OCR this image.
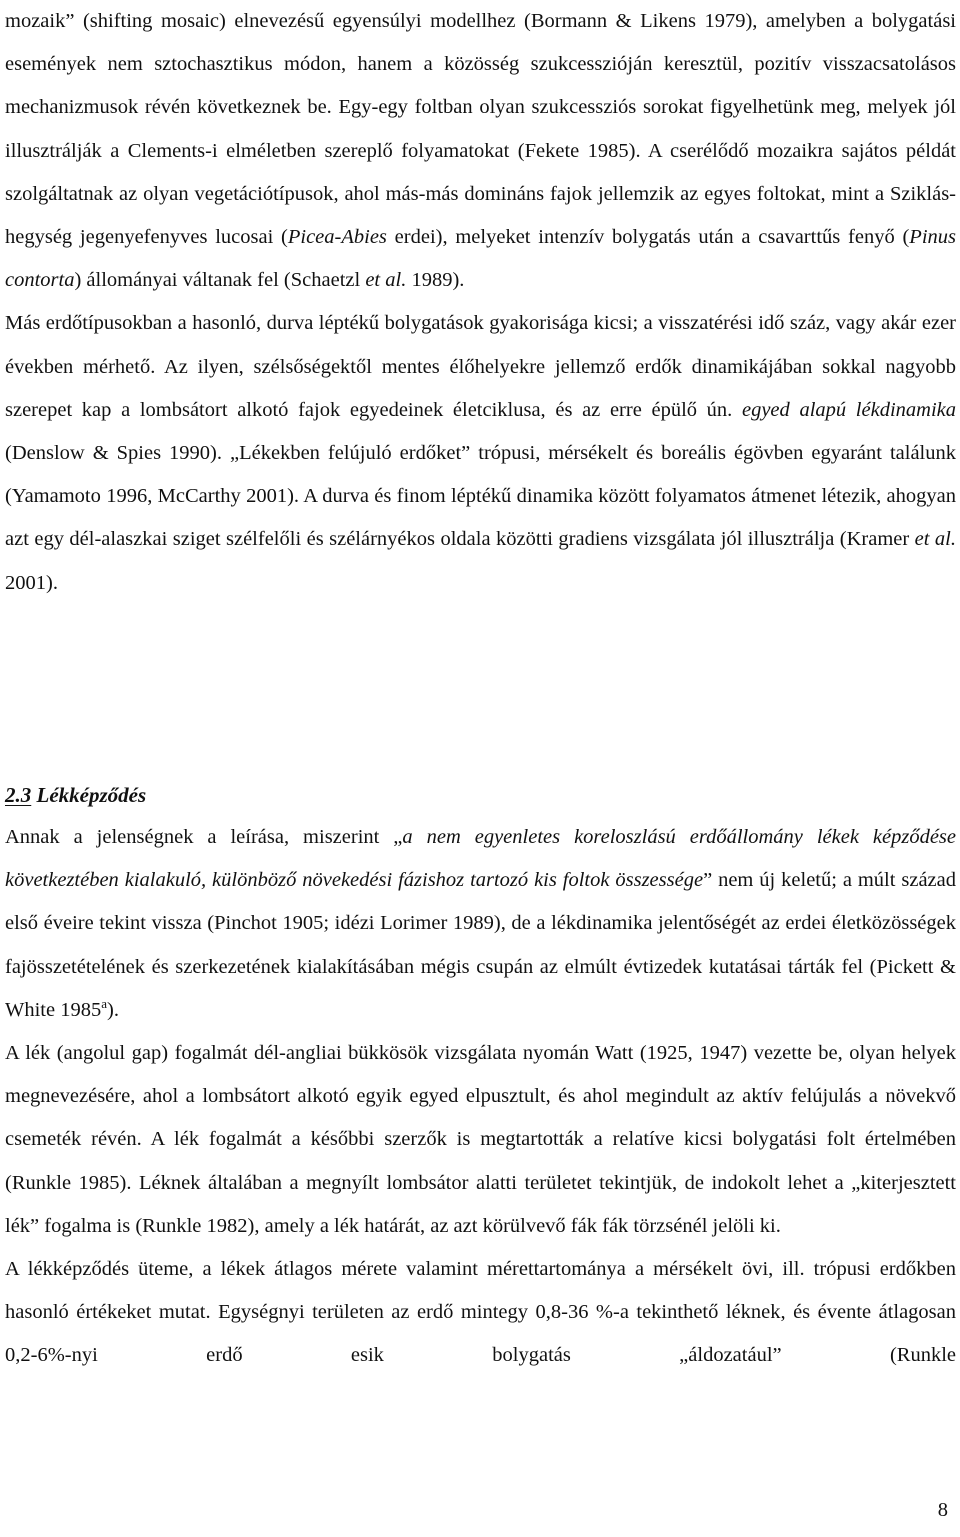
mozaik” (shifting mosaic) elnevezésű egyensúlyi modellhez (Bormann & Likens 1979), amelyben a bolygatási események nem sztochasztikus módon, hanem a közösség szukcesszióján keresztül, pozitív visszacsatolásos mechanizmusok révén következnek be. Egy-egy foltban olyan szukcessziós sorokat figyelhetünk meg, melyek jól illusztrálják a Clements-i elméletben szereplő folyamatokat (Fekete 1985). A cserélődő mozaikra sajátos példát szolgáltatnak az olyan vegetációtípusok, ahol más-más domináns fajok jellemzik az egyes foltokat, mint a Sziklás-hegység jegenyefenyves lucosai (Picea-Abies erdei), melyeket intenzív bolygatás után a csavarttűs fenyő (Pinus contorta) állományai váltanak fel (Schaetzl et al. 1989).

Más erdőtípusokban a hasonló, durva léptékű bolygatások gyakorisága kicsi; a visszatérési idő száz, vagy akár ezer években mérhető. Az ilyen, szélsőségektől mentes élőhelyekre jellemző erdők dinamikájában sokkal nagyobb szerepet kap a lombsátort alkotó fajok egyedeinek életciklusa, és az erre épülő ún. egyed alapú lékdinamika (Denslow & Spies 1990). „Lékekben felújuló erdőket” trópusi, mérsékelt és boreális égövben egyaránt találunk (Yamamoto 1996, McCarthy 2001). A durva és finom léptékű dinamika között folyamatos átmenet létezik, ahogyan azt egy dél-alaszkai sziget szélfelőli és szélárnyékos oldala közötti gradiens vizsgálata jól illusztrálja (Kramer et al. 2001).

2.3 Lékképződés

Annak a jelenségnek a leírása, miszerint „a nem egyenletes koreloszlású erdőállomány lékek képződése következtében kialakuló, különböző növekedési fázishoz tartozó kis foltok összessége” nem új keletű; a múlt század első éveire tekint vissza (Pinchot 1905; idézi Lorimer 1989), de a lékdinamika jelentőségét az erdei életközösségek fajösszetételének és szerkezetének kialakításában mégis csupán az elmúlt évtizedek kutatásai tárták fel (Pickett & White 1985$^a$).

A lék (angolul gap) fogalmát dél-angliai bükkösök vizsgálata nyomán Watt (1925, 1947) vezette be, olyan helyek megnevezésére, ahol a lombsátort alkotó egyik egyed elpusztult, és ahol megindult az aktív felújulás a növekvő csemeték révén. A lék fogalmát a későbbi szerzők is megtartották a relatíve kicsi bolygatási folt értelmében (Runkle 1985). Léknek általában a megnyílt lombsátor alatti területet tekintjük, de indokolt lehet a „kiterjesztett lék” fogalma is (Runkle 1982), amely a lék határát, az azt körülvevő fák fák törzsénél jelöli ki.

A lékképződés üteme, a lékek átlagos mérete valamint mérettartománya a mérsékelt övi, ill. trópusi erdőkben hasonló értékeket mutat. Egységnyi területen az erdő mintegy 0,8-36 %-a tekinthető léknek, és évente átlagosan 0,2-6%-nyi erdő esik bolygatás „áldozatául” (Runkle

8
